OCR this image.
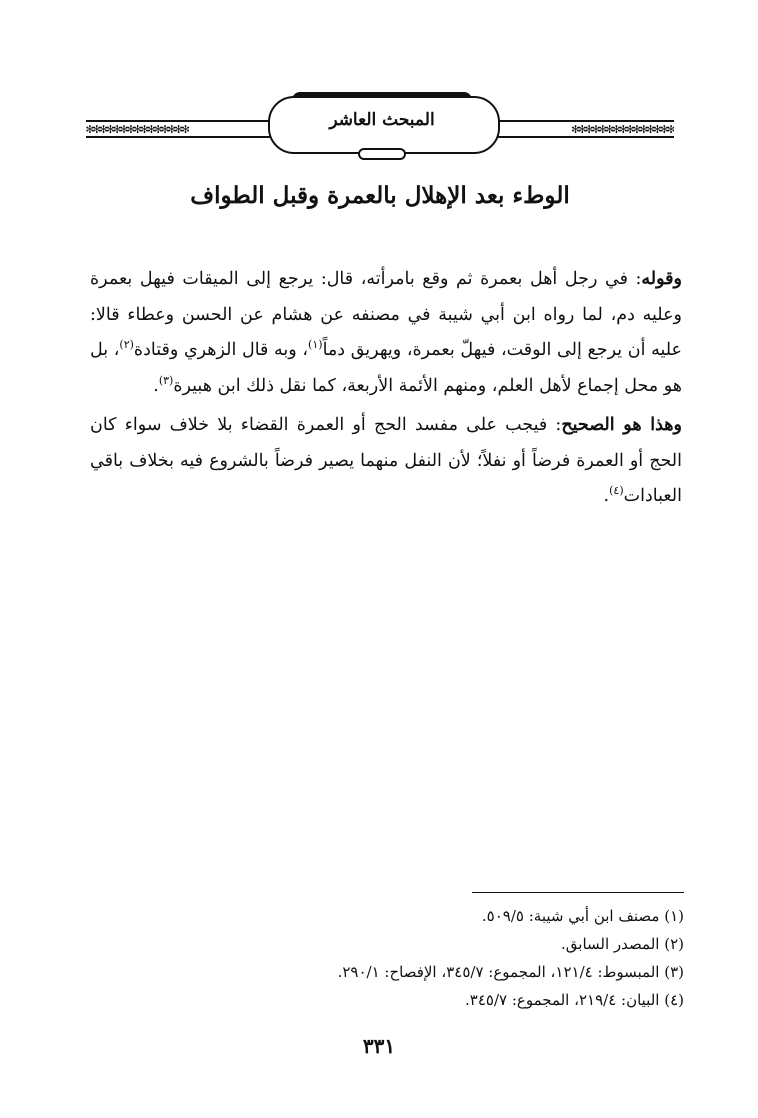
✻✻✻✻✻✻✻✻✻✻✻✻✻✻✻	✻✻✻✻✻✻✻✻✻✻✻✻✻✻✻
المبحث العاشر
الوطء بعد الإهلال بالعمرة وقبل الطواف

وقوله: في رجل أهل بعمرة ثم وقع بامرأته، قال: يرجع إلى الميقات فيهل بعمرة وعليه دم، لما رواه ابن أبي شيبة في مصنفه عن هشام عن الحسن وعطاء قالا: عليه أن يرجع إلى الوقت، فيهلّ بعمرة، ويهريق دماً$^{(١)}$، وبه قال الزهري وقتادة$^{(٢)}$، بل هو محل إجماع لأهل العلم، ومنهم الأئمة الأربعة، كما نقل ذلك ابن هبيرة$^{(٣)}$.

وهذا هو الصحيح: فيجب على مفسد الحج أو العمرة القضاء بلا خلاف سواء كان الحج أو العمرة فرضاً أو نفلاً؛ لأن النفل منهما يصير فرضاً بالشروع فيه بخلاف باقي العبادات$^{(٤)}$.

(١) مصنف ابن أبي شيبة: ٥٠٩/٥.
(٢) المصدر السابق.
(٣) المبسوط: ١٢١/٤، المجموع: ٣٤٥/٧، الإفصاح: ٢٩٠/١.
(٤) البيان: ٢١٩/٤، المجموع: ٣٤٥/٧.
٣٣١
